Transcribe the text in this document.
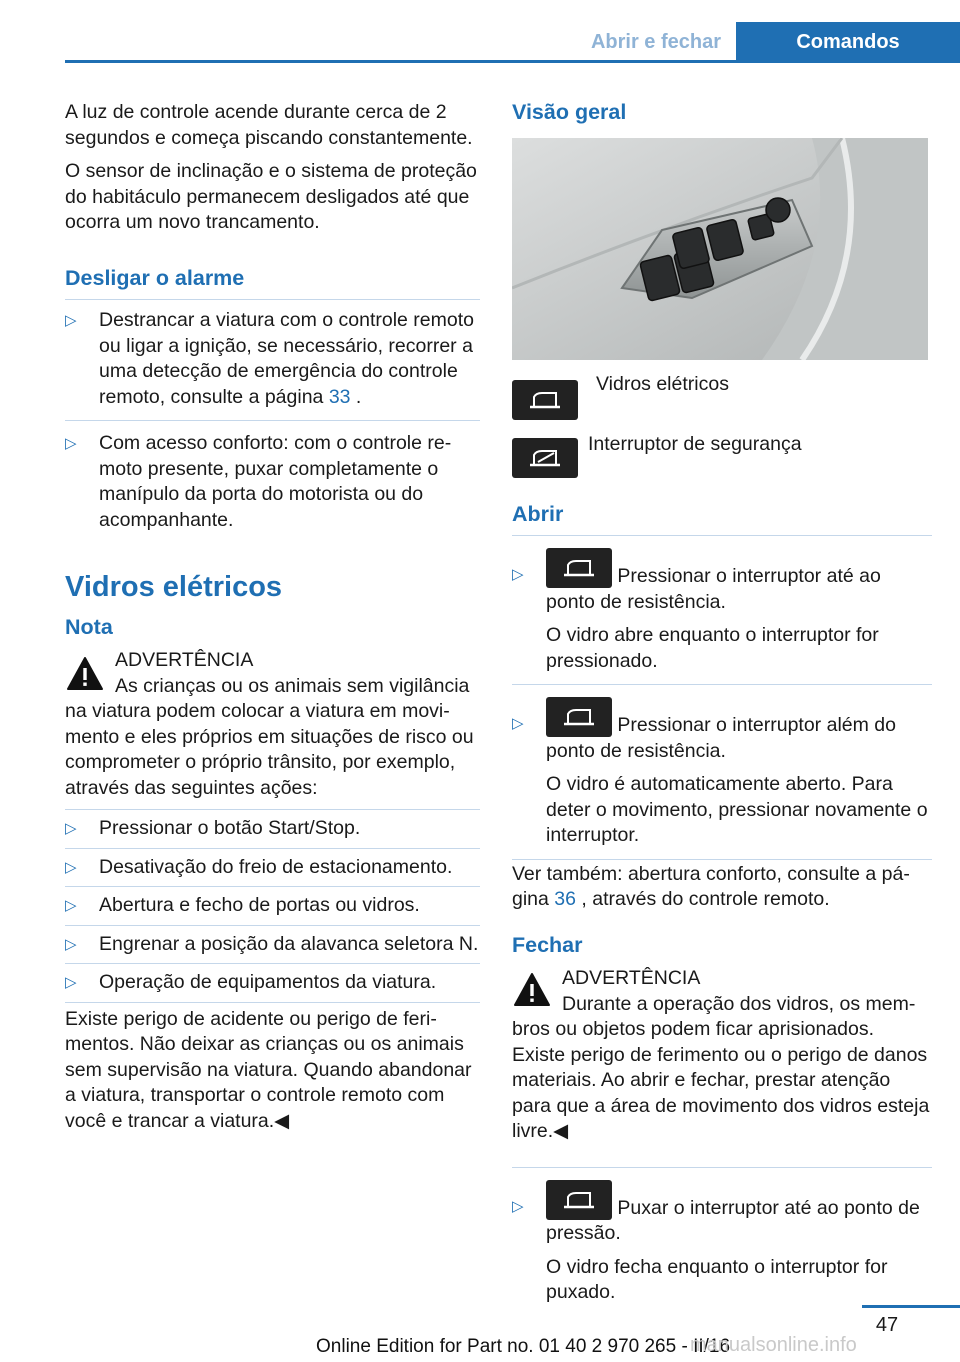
Abrir e fechar	Comandos

A luz de controle acende durante cerca de 2 segundos e começa piscando constantemente.

O sensor de inclinação e o sistema de proteção do habitáculo permanecem desligados até que ocorra um novo trancamento.

Desligar o alarme
▷ Destrancar a viatura com o controle remoto ou ligar a ignição, se necessário, recorrer a uma detecção de emergência do controle remoto, consulte a página 33 .
▷ Com acesso conforto: com o controle remoto presente, puxar completamente o manípulo da porta do motorista ou do acompanhante.
Vidros elétricos
Nota
ADVERTÊNCIA

As crianças ou os animais sem vigilância na viatura podem colocar a viatura em movimento e eles próprios em situações de risco ou comprometer o próprio trânsito, por exemplo, através das seguintes ações:

▷ Pressionar o botão Start/Stop.
▷ Desativação do freio de estacionamento.
▷ Abertura e fecho de portas ou vidros.
▷ Engrenar a posição da alavanca seletora N.
▷ Operação de equipamentos da viatura.

Existe perigo de acidente ou perigo de ferimentos. Não deixar as crianças ou os animais sem supervisão na viatura. Quando abandonar a viatura, transportar o controle remoto com você e trancar a viatura.◀

Visão geral
Vidros elétricos
Interruptor de segurança
Abrir
▷	Pressionar o interruptor até ao ponto de resistência.
O vidro abre enquanto o interruptor for pressionado.
▷	Pressionar o interruptor além do ponto de resistência.
O vidro é automaticamente aberto. Para deter o movimento, pressionar novamente o interruptor.

Ver também: abertura conforto, consulte a página 36 , através do controle remoto.

Fechar
ADVERTÊNCIA

Durante a operação dos vidros, os membros ou objetos podem ficar aprisionados. Existe perigo de ferimento ou o perigo de danos materiais. Ao abrir e fechar, prestar atenção para que a área de movimento dos vidros esteja livre.◀

▷	Puxar o interruptor até ao ponto de pressão.
O vidro fecha enquanto o interruptor for puxado.
47
Online Edition for Part no. 01 40 2 970 265 - II/16
manualsonline.info
